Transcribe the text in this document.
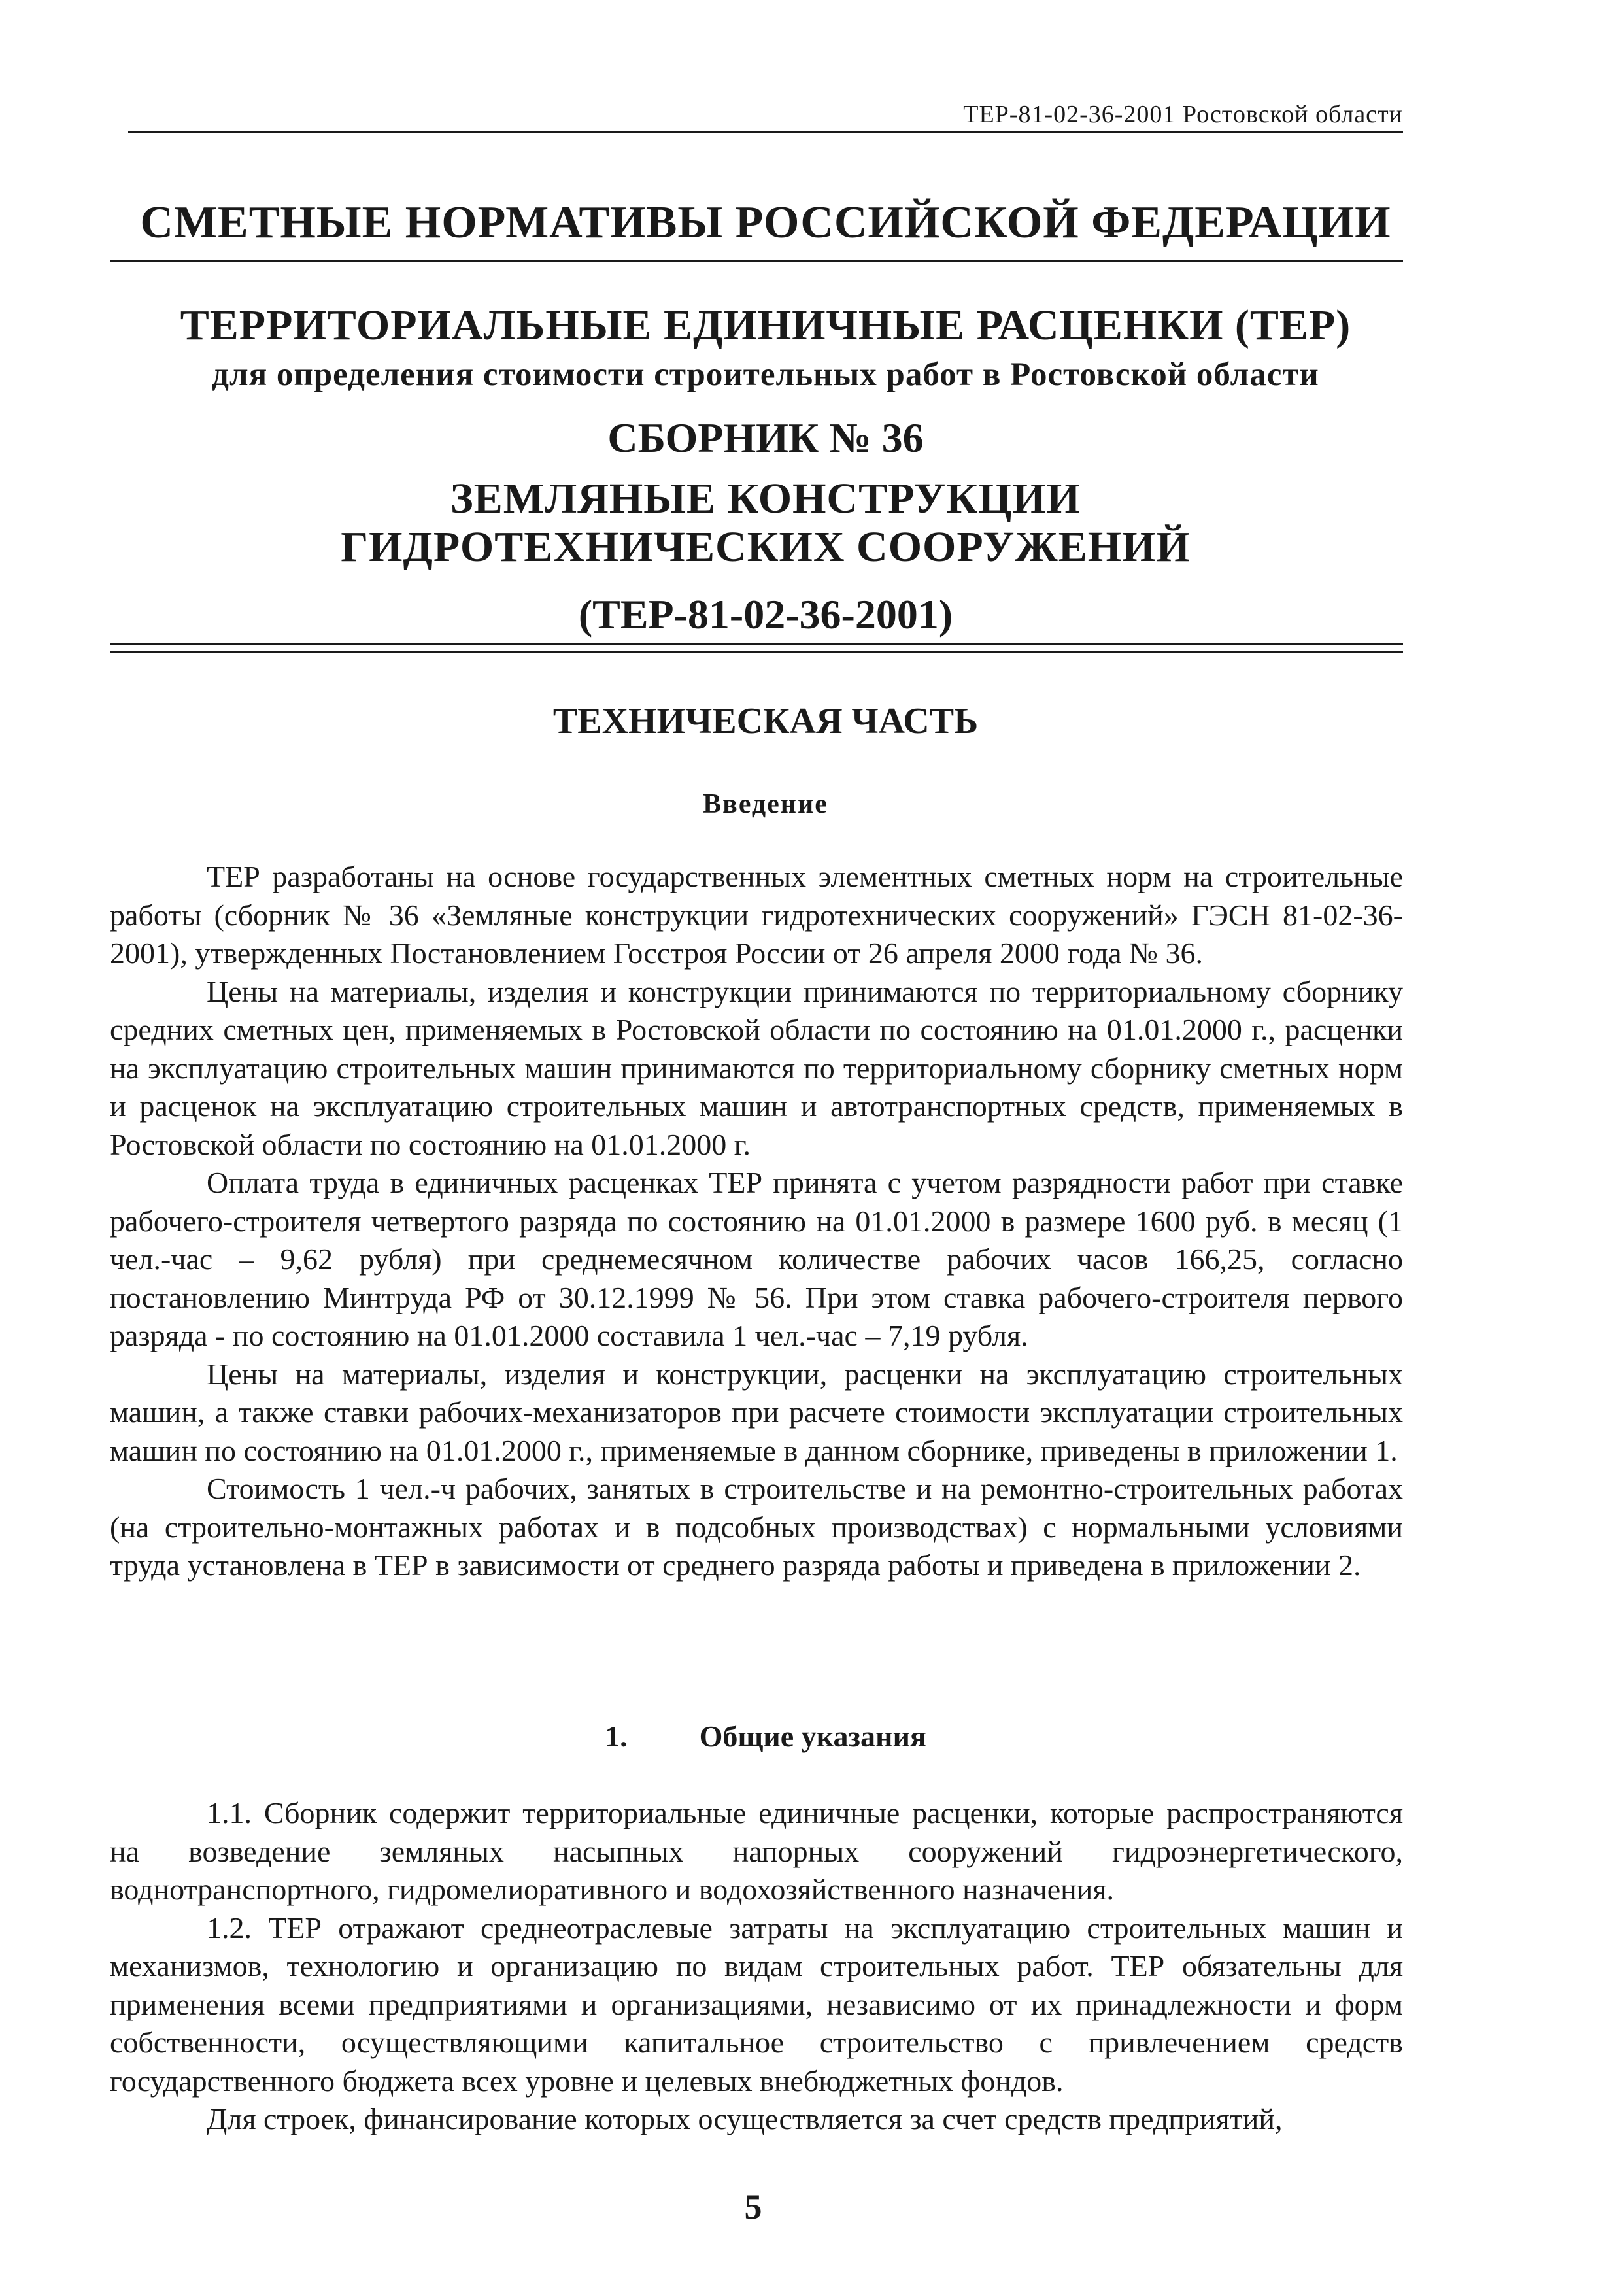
ТЕР-81-02-36-2001 Ростовской области
СМЕТНЫЕ НОРМАТИВЫ РОССИЙСКОЙ ФЕДЕРАЦИИ
ТЕРРИТОРИАЛЬНЫЕ ЕДИНИЧНЫЕ РАСЦЕНКИ (ТЕР)
для определения стоимости строительных работ в Ростовской области
СБОРНИК № 36
ЗЕМЛЯНЫЕ КОНСТРУКЦИИ
ГИДРОТЕХНИЧЕСКИХ СООРУЖЕНИЙ
(ТЕР-81-02-36-2001)
ТЕХНИЧЕСКАЯ ЧАСТЬ
Введение

ТЕР разработаны на основе государственных элементных сметных норм на строительные работы (сборник № 36 «Земляные конструкции гидротехнических сооружений» ГЭСН 81-02-36-2001), утвержденных Постановлением Госстроя России от 26 апреля 2000 года № 36.

Цены на материалы, изделия и конструкции принимаются по территориальному сборнику средних сметных цен, применяемых в Ростовской области по состоянию на 01.01.2000 г., расценки на эксплуатацию строительных машин принимаются по территориальному сборнику сметных норм и расценок на эксплуатацию строительных машин и автотранспортных средств, применяемых в Ростовской области по состоянию на 01.01.2000 г.

Оплата труда в единичных расценках ТЕР принята с учетом разрядности работ при ставке рабочего-строителя четвертого разряда по состоянию на 01.01.2000 в размере 1600 руб. в месяц (1 чел.-час – 9,62 рубля) при среднемесячном количестве рабочих часов 166,25, согласно постановлению Минтруда РФ от 30.12.1999 № 56. При этом ставка рабочего-строителя первого разряда - по состоянию на 01.01.2000 составила 1 чел.-час – 7,19 рубля.

Цены на материалы, изделия и конструкции, расценки на эксплуатацию строительных машин, а также ставки рабочих-механизаторов при расчете стоимости эксплуатации строительных машин по состоянию на 01.01.2000 г., применяемые в данном сборнике, приведены в приложении 1.

Стоимость 1 чел.-ч рабочих, занятых в строительстве и на ремонтно-строительных работах (на строительно-монтажных работах и в подсобных производствах) с нормальными условиями труда установлена в ТЕР в зависимости от среднего разряда работы и приведена в приложении 2.

1. Общие указания

1.1. Сборник содержит территориальные единичные расценки, которые распространяются на возведение земляных насыпных напорных сооружений гидроэнергетического, воднотранспортного, гидромелиоративного и водохозяйственного назначения.

1.2. ТЕР отражают среднеотраслевые затраты на эксплуатацию строительных машин и механизмов, технологию и организацию по видам строительных работ. ТЕР обязательны для применения всеми предприятиями и организациями, независимо от их принадлежности и форм собственности, осуществляющими капитальное строительство с привлечением средств государственного бюджета всех уровне и целевых внебюджетных фондов.

Для строек, финансирование которых осуществляется за счет средств предприятий,

5
